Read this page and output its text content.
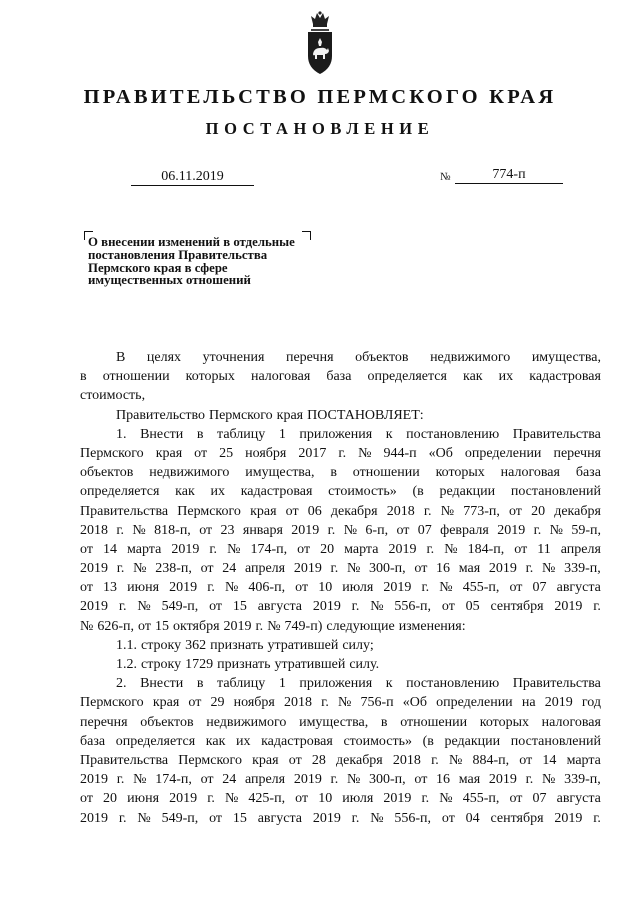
ПРАВИТЕЛЬСТВО ПЕРМСКОГО КРАЯ
ПОСТАНОВЛЕНИЕ
06.11.2019	№	774-п
О внесении изменений в отдельные
постановления Правительства
Пермского края в сфере
имущественных отношений
В целях уточнения перечня объектов недвижимого имущества,
в отношении которых налоговая база определяется как их кадастровая
стоимость,
Правительство Пермского края ПОСТАНОВЛЯЕТ:
1. Внести в таблицу 1 приложения к постановлению Правительства
Пермского края от 25 ноября 2017 г. № 944-п «Об определении перечня
объектов недвижимого имущества, в отношении которых налоговая база
определяется как их кадастровая стоимость» (в редакции постановлений
Правительства Пермского края от 06 декабря 2018 г. № 773-п, от 20 декабря
2018 г. № 818-п, от 23 января 2019 г. № 6-п, от 07 февраля 2019 г. № 59-п,
от 14 марта 2019 г. № 174-п, от 20 марта 2019 г. № 184-п, от 11 апреля
2019 г. № 238-п, от 24 апреля 2019 г. № 300-п, от 16 мая 2019 г. № 339-п,
от 13 июня 2019 г. № 406-п, от 10 июля 2019 г. № 455-п, от 07 августа
2019 г. № 549-п, от 15 августа 2019 г. № 556-п, от 05 сентября 2019 г.
№ 626-п, от 15 октября 2019 г. № 749-п) следующие изменения:
1.1. строку 362 признать утратившей силу;
1.2. строку 1729 признать утратившей силу.
2. Внести в таблицу 1 приложения к постановлению Правительства
Пермского края от 29 ноября 2018 г. № 756-п «Об определении на 2019 год
перечня объектов недвижимого имущества, в отношении которых налоговая
база определяется как их кадастровая стоимость» (в редакции постановлений
Правительства Пермского края от 28 декабря 2018 г. № 884-п, от 14 марта
2019 г. № 174-п, от 24 апреля 2019 г. № 300-п, от 16 мая 2019 г. № 339-п,
от 20 июня 2019 г. № 425-п, от 10 июля 2019 г. № 455-п, от 07 августа
2019 г. № 549-п, от 15 августа 2019 г. № 556-п, от 04 сентября 2019 г.
